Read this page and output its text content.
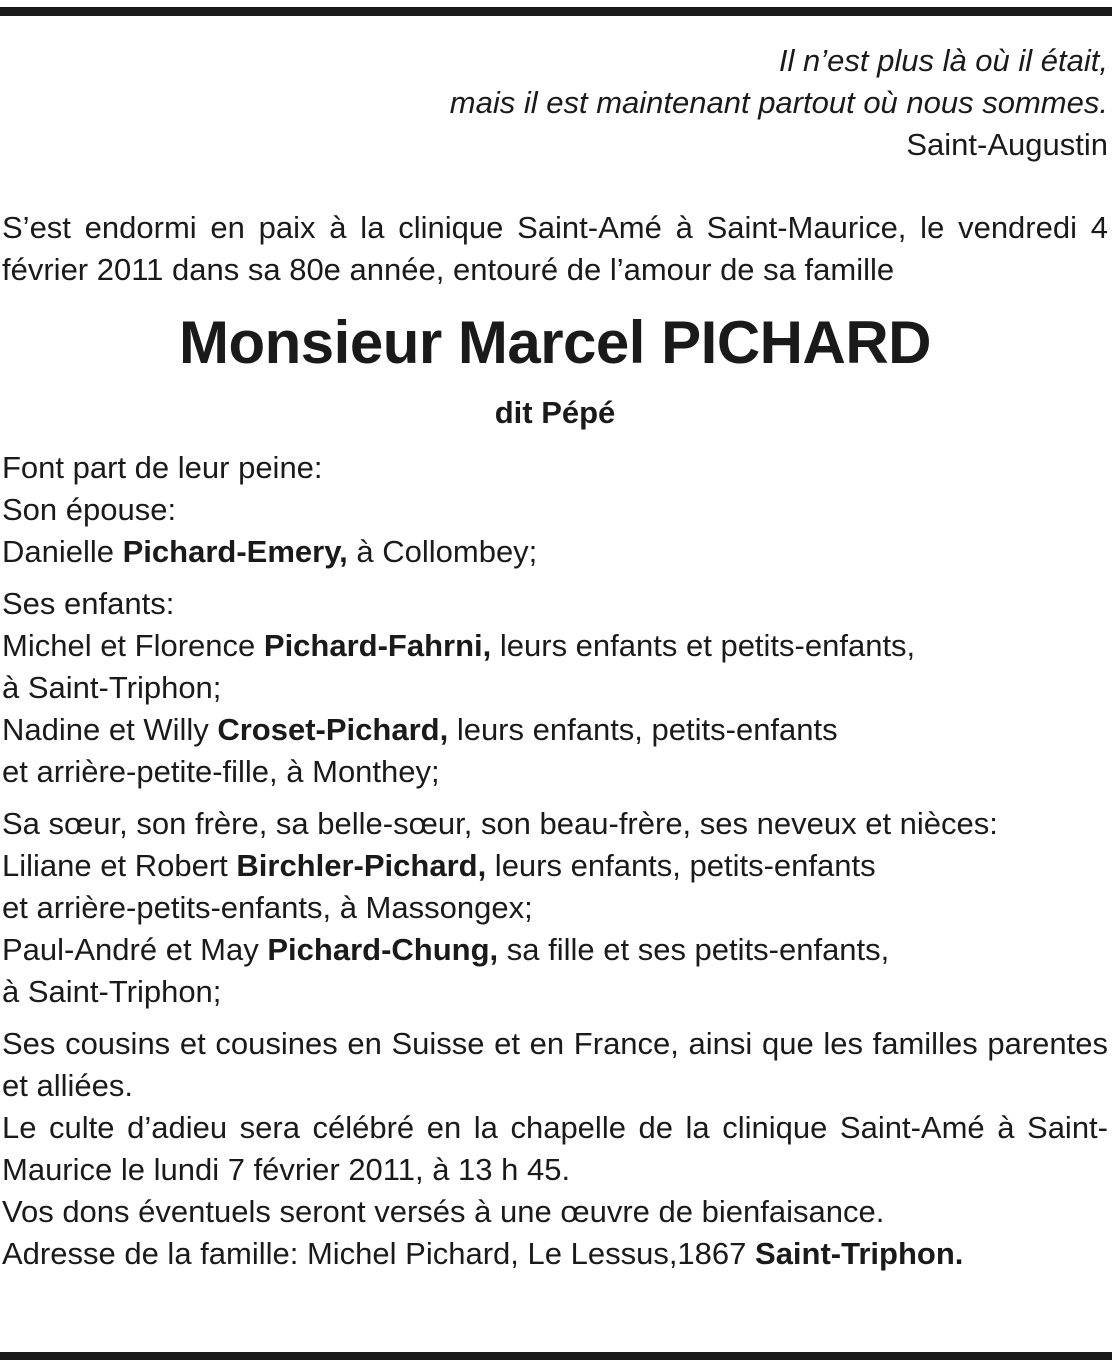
Il n’est plus là où il était,
mais il est maintenant partout où nous sommes.
Saint-Augustin
S’est endormi en paix à la clinique Saint-Amé à Saint-Maurice, le vendredi 4 février 2011 dans sa 80e année, entouré de l’amour de sa famille
Monsieur Marcel PICHARD
dit Pépé

Font part de leur peine:

Son épouse:

Danielle Pichard-Emery, à Collombey;

Ses enfants:

Michel et Florence Pichard-Fahrni, leurs enfants et petits-enfants,

à Saint-Triphon;

Nadine et Willy Croset-Pichard, leurs enfants, petits-enfants

et arrière-petite-fille, à Monthey;

Sa sœur, son frère, sa belle-sœur, son beau-frère, ses neveux et nièces:

Liliane et Robert Birchler-Pichard, leurs enfants, petits-enfants

et arrière-petits-enfants, à Massongex;

Paul-André et May Pichard-Chung, sa fille et ses petits-enfants,

à Saint-Triphon;

Ses cousins et cousines en Suisse et en France, ainsi que les familles parentes et alliées.

Le culte d’adieu sera célébré en la chapelle de la clinique Saint-Amé à Saint-Maurice le lundi 7 février 2011, à 13 h 45.

Vos dons éventuels seront versés à une œuvre de bienfaisance.

Adresse de la famille: Michel Pichard, Le Lessus,1867 Saint-Triphon.
